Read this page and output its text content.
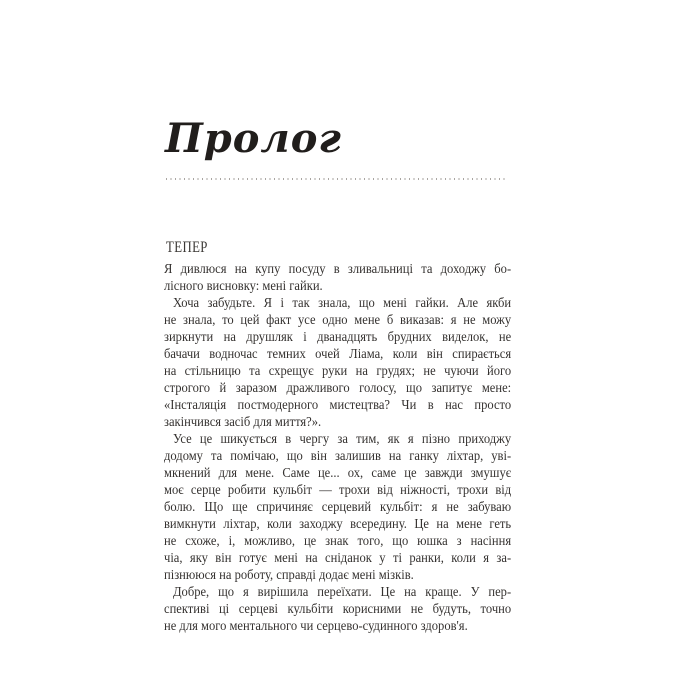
Пролог
ТЕПЕР
Я дивлюся на купу посуду в зливальниці та доходжу бо-
лісного висновку: мені гайки.
Хоча забудьте. Я і так знала, що мені гайки. Але якби
не знала, то цей факт усе одно мене б виказав: я не можу
зиркнути на друшляк і дванадцять брудних виделок, не
бачачи водночас темних очей Ліама, коли він спирається
на стільницю та схрещує руки на грудях; не чуючи його
строгого й заразом дражливого голосу, що запитує мене:
«Інсталяція постмодерного мистецтва? Чи в нас просто
закінчився засіб для миття?».
Усе це шикується в чергу за тим, як я пізно приходжу
додому та помічаю, що він залишив на ганку ліхтар, уві-
мкнений для мене. Саме це... ох, саме це завжди змушує
моє серце робити кульбіт — трохи від ніжності, трохи від
болю. Що ще спричиняє серцевий кульбіт: я не забуваю
вимкнути ліхтар, коли заходжу всередину. Це на мене геть
не схоже, і, можливо, це знак того, що юшка з насіння
чіа, яку він готує мені на сніданок у ті ранки, коли я за-
пізнююся на роботу, справді додає мені мізків.
Добре, що я вирішила переїхати. Це на краще. У пер-
спективі ці серцеві кульбіти корисними не будуть, точно
не для мого ментального чи серцево-судинного здоров'я.
